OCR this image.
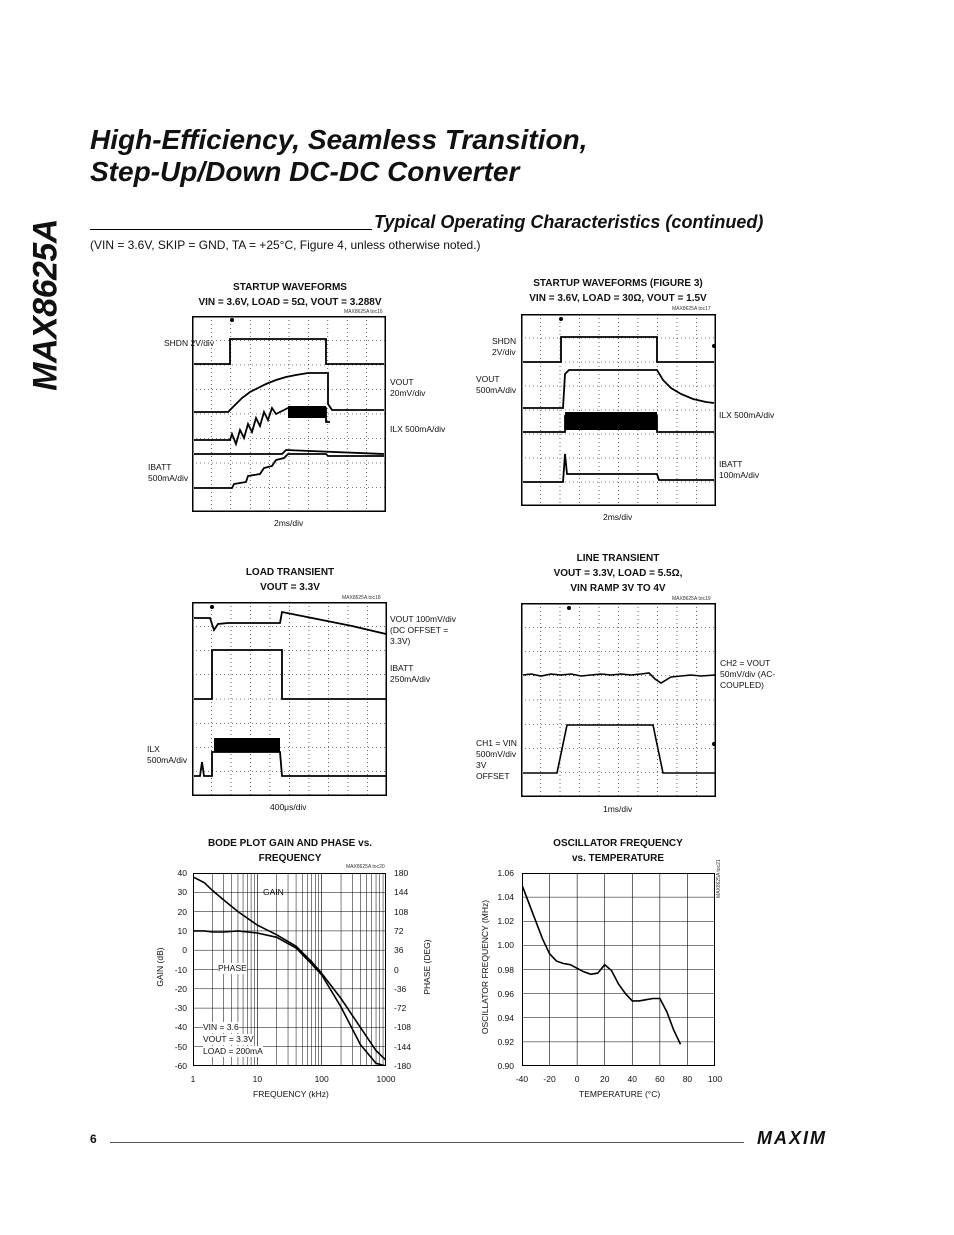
MAX8625A
High-Efficiency, Seamless Transition,
Step-Up/Down DC-DC Converter
Typical Operating Characteristics (continued)
(VIN = 3.6V, SKIP = GND, TA = +25°C, Figure 4, unless otherwise noted.)
STARTUP WAVEFORMS
VIN = 3.6V, LOAD = 5Ω, VOUT = 3.288V
MAX8625A toc16
SHDN 2V/div
VOUT 20mV/div
ILX 500mA/div
IBATT 500mA/div
2ms/div
STARTUP WAVEFORMS (FIGURE 3)
VIN = 3.6V, LOAD = 30Ω, VOUT = 1.5V
MAX8625A toc17
SHDN 2V/div
VOUT 500mA/div
ILX 500mA/div
IBATT 100mA/div
2ms/div
LOAD TRANSIENT
VOUT = 3.3V
MAX8625A toc18
VOUT 100mV/div (DC OFFSET = 3.3V)
IBATT 250mA/div
ILX 500mA/div
400μs/div
LINE TRANSIENT
VOUT = 3.3V, LOAD = 5.5Ω,
VIN RAMP 3V TO 4V
MAX8625A toc19
CH2 = VOUT 50mV/div (AC-COUPLED)
CH1 = VIN 500mV/div 3V OFFSET
1ms/div
BODE PLOT GAIN AND PHASE vs. FREQUENCY
MAX8625A toc20
GAIN
PHASE
VIN = 3.6
VOUT = 3.3V
LOAD = 200mA
40
30
20
10
0
-10
-20
-30
-40
-50
-60
180
144
108
72
36
0
-36
-72
-108
-144
-180
1	10	100	1000
GAIN (dB)	PHASE (DEG)
FREQUENCY (kHz)
OSCILLATOR FREQUENCY vs. TEMPERATURE
MAX8625A toc21
1.06
1.04
1.02
1.00
0.98
0.96
0.94
0.92
0.90
-40	-20	0	20	40	60	80	100
OSCILLATOR FREQUENCY (MHz)
TEMPERATURE (°C)
6	MAXIM
